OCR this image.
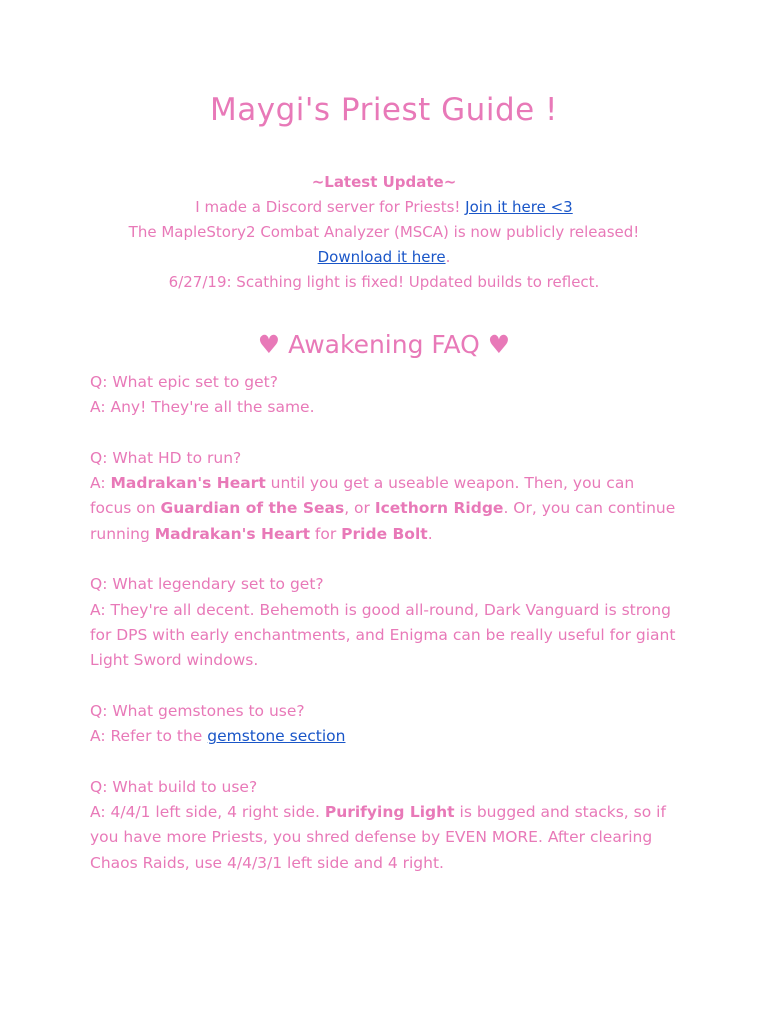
Maygi's Priest Guide !
~Latest Update~
I made a Discord server for Priests! Join it here <3
The MapleStory2 Combat Analyzer (MSCA) is now publicly released!
Download it here.
6/27/19: Scathing light is fixed! Updated builds to reflect.
♥ Awakening FAQ ♥

Q: What epic set to get?
A: Any! They're all the same.

Q: What HD to run?
A: Madrakan's Heart until you get a useable weapon. Then, you can focus on Guardian of the Seas, or Icethorn Ridge. Or, you can continue running Madrakan's Heart for Pride Bolt.

Q: What legendary set to get?
A: They're all decent. Behemoth is good all-round, Dark Vanguard is strong for DPS with early enchantments, and Enigma can be really useful for giant Light Sword windows.

Q: What gemstones to use?
A: Refer to the gemstone section

Q: What build to use?
A: 4/4/1 left side, 4 right side. Purifying Light is bugged and stacks, so if you have more Priests, you shred defense by EVEN MORE. After clearing Chaos Raids, use 4/4/3/1 left side and 4 right.
